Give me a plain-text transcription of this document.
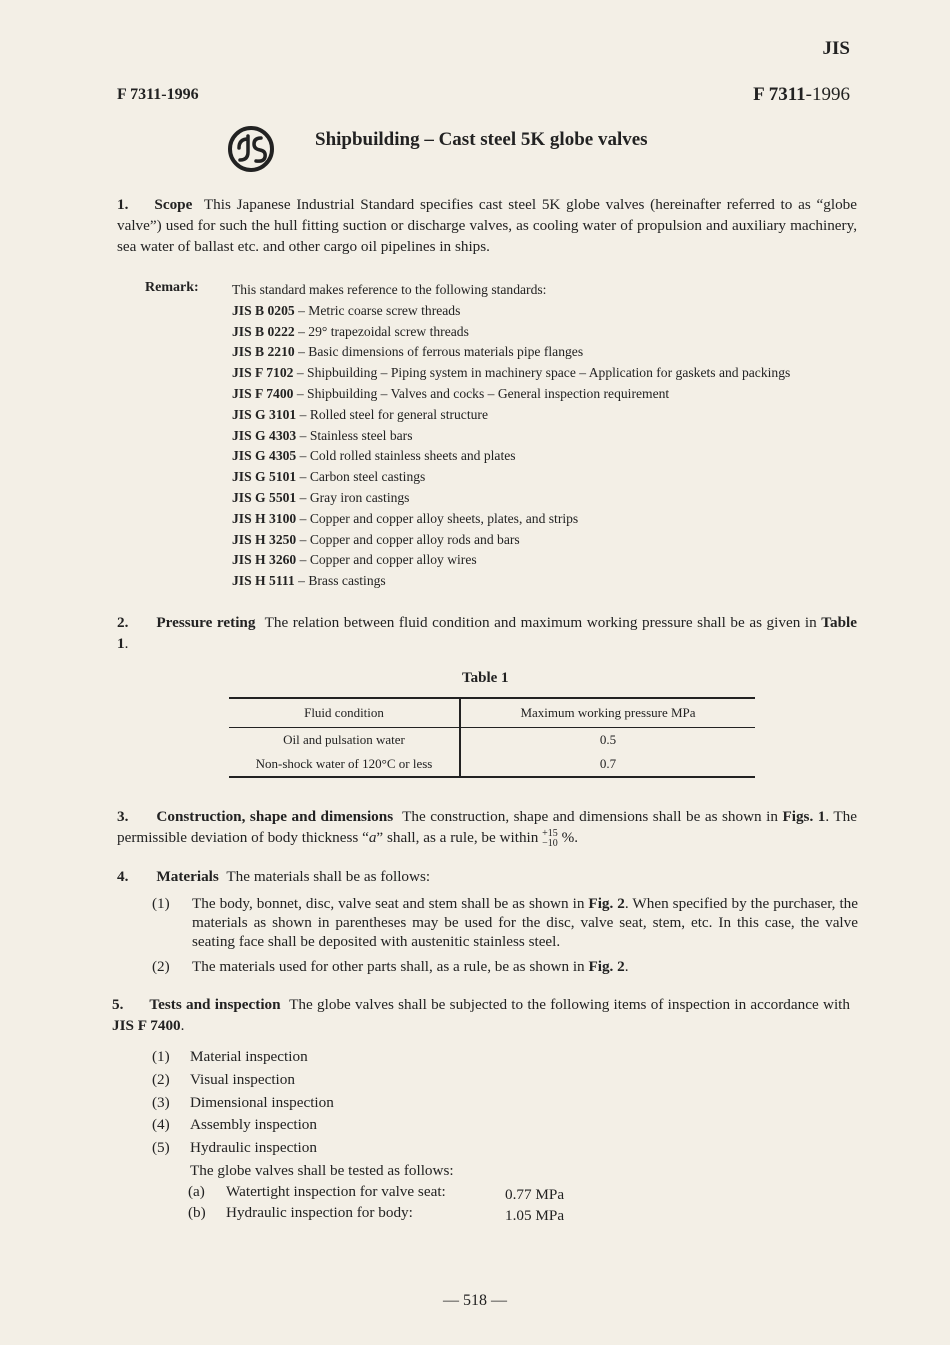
JIS
F 7311-1996	F 7311-1996
Shipbuilding – Cast steel 5K globe valves
1. Scope This Japanese Industrial Standard specifies cast steel 5K globe valves (hereinafter referred to as “globe valve”) used for such the hull fitting suction or discharge valves, as cooling water of propulsion and auxiliary machinery, sea water of ballast etc. and other cargo oil pipelines in ships.
Remark: This standard makes reference to the following standards:
JIS B 0205 – Metric coarse screw threads
JIS B 0222 – 29° trapezoidal screw threads
JIS B 2210 – Basic dimensions of ferrous materials pipe flanges
JIS F 7102 – Shipbuilding – Piping system in machinery space – Application for gaskets and packings
JIS F 7400 – Shipbuilding – Valves and cocks – General inspection requirement
JIS G 3101 – Rolled steel for general structure
JIS G 4303 – Stainless steel bars
JIS G 4305 – Cold rolled stainless sheets and plates
JIS G 5101 – Carbon steel castings
JIS G 5501 – Gray iron castings
JIS H 3100 – Copper and copper alloy sheets, plates, and strips
JIS H 3250 – Copper and copper alloy rods and bars
JIS H 3260 – Copper and copper alloy wires
JIS H 5111 – Brass castings
2. Pressure reting The relation between fluid condition and maximum working pressure shall be as given in Table 1.
Table 1
Fluid condition	Maximum working pressure MPa
Oil and pulsation water	0.5
Non-shock water of 120°C or less	0.7
3. Construction, shape and dimensions The construction, shape and dimensions shall be as shown in Figs. 1. The permissible deviation of body thickness “a” shall, as a rule, be within +15
−10 %.
4. Materials The materials shall be as follows:
(1) The body, bonnet, disc, valve seat and stem shall be as shown in Fig. 2. When specified by the purchaser, the materials as shown in parentheses may be used for the disc, valve seat, stem, etc. In this case, the valve seating face shall be deposited with austenitic stainless steel.
(2) The materials used for other parts shall, as a rule, be as shown in Fig. 2.
5. Tests and inspection The globe valves shall be subjected to the following items of inspection in accordance with JIS F 7400.
(1) Material inspection
(2) Visual inspection
(3) Dimensional inspection
(4) Assembly inspection
(5) Hydraulic inspection
The globe valves shall be tested as follows:
(a) Watertight inspection for valve seat:	0.77 MPa
(b) Hydraulic inspection for body:	1.05 MPa
— 518 —
